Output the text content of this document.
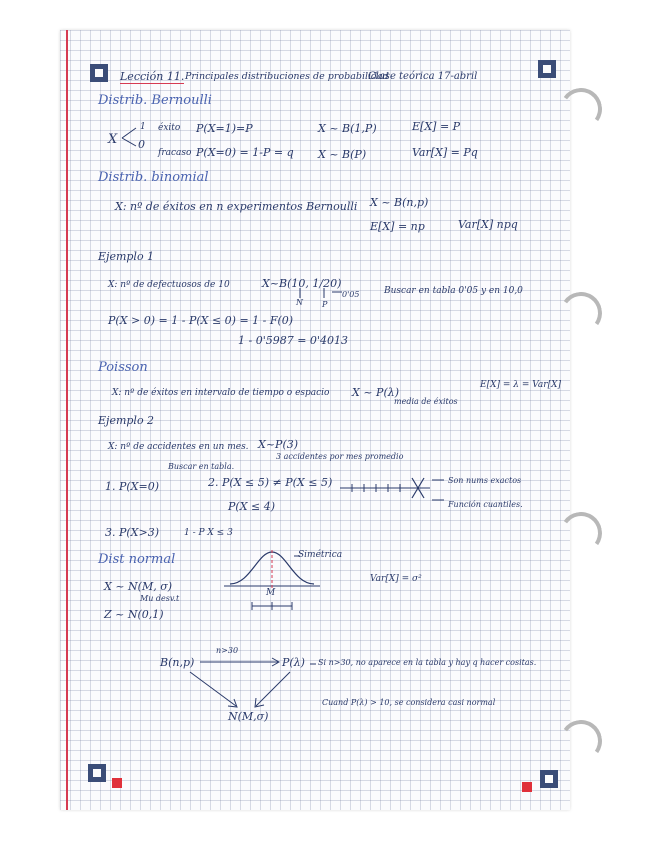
Lección 11. Principales distribuciones de probabilidad
Clase teórica 17-abril
Distrib. Bernoulli
X
1
0
éxito P(X=1)=P
fracaso P(X=0) = 1-P = q
X ~ B(1,P)
X ~ B(P)
E[X] = P
Var[X] = Pq
Distrib. binomial
X: nº de éxitos en n experimentos Bernoulli X ~ B(n,p)
E[X] = np	Var[X] npq
Ejemplo 1
X: nº de defectuosos de 10	X~B(10, 1/20)
N P
0'05	Buscar en tabla 0'05 y en 10,0
P(X > 0) = 1 - P(X ≤ 0) = 1 - F(0)
1 - 0'5987 = 0'4013
Poisson
X: nº de éxitos en intervalo de tiempo o espacio X ~ P(λ)
media de éxitos
E[X] = λ = Var[X]
Ejemplo 2
X: nº de accidentes en un mes. X~P(3)
3 accidentes por mes promedio
Buscar en tabla.
1. P(X=0)	2. P(X ≤ 5) ≠ P(X ≤ 5)
P(X ≤ 4)
Son nums exactos
Función cuantiles.
3. P(X>3)	1 - P X ≤ 3
Dist normal	Simétrica
X ~ N(M, σ)
Mu desv.t
Z ~ N(0,1)
M
Var[X] = σ²
B(n,p)
n>30
P(λ)
N(M,σ)
Si n>30, no aparece en la tabla y hay q hacer cositas.
Cuand P(λ) > 10, se considera casi normal
